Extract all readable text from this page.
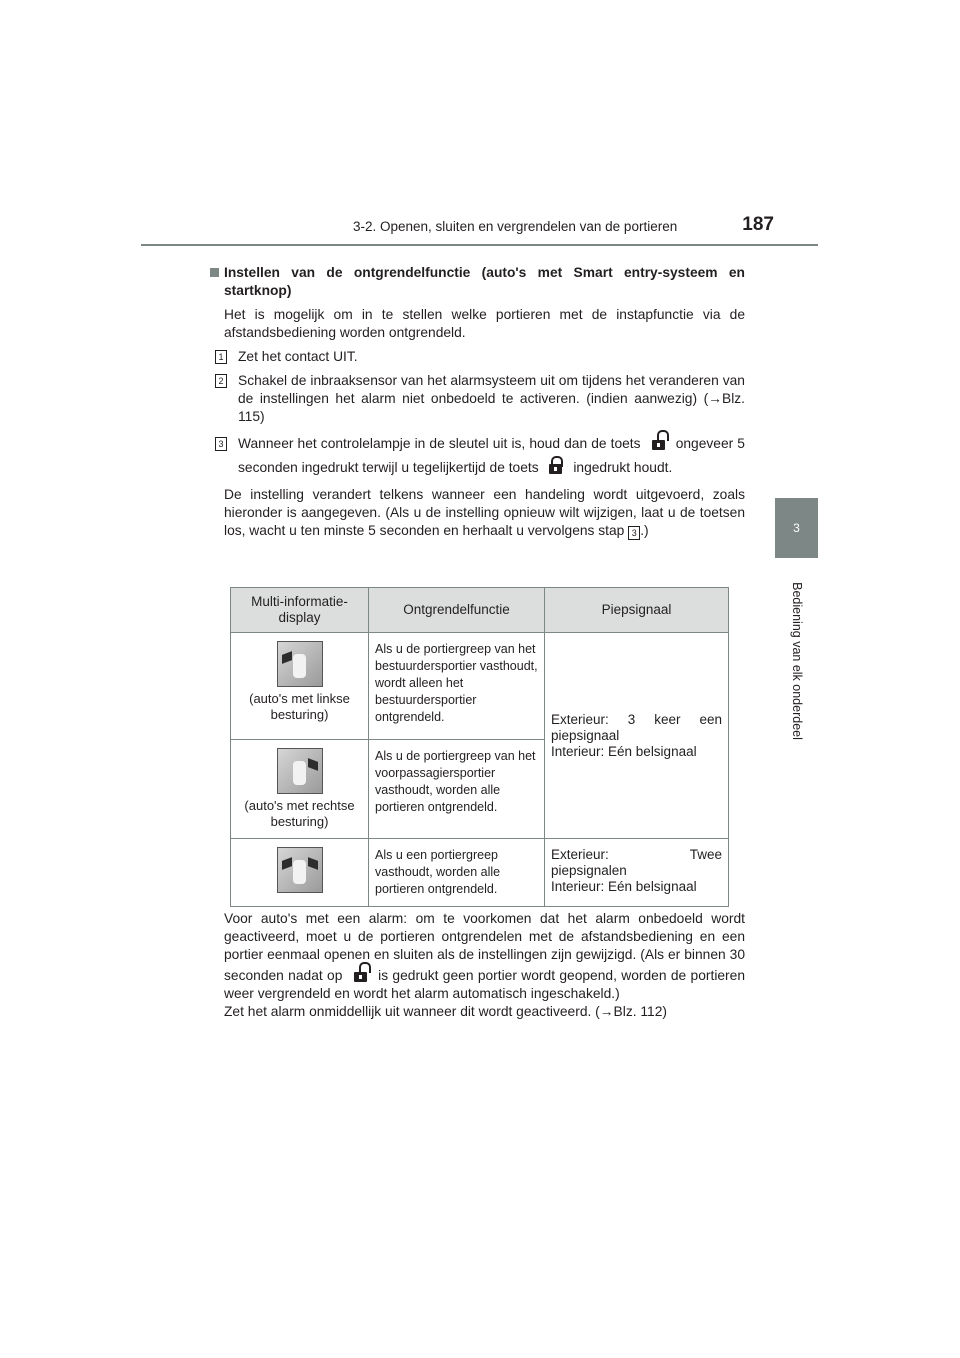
3-2. Openen, sluiten en vergrendelen van de portieren	187
3
Bediening van elk onderdeel
Instellen van de ontgrendelfunctie (auto's met Smart entry-systeem en startknop)

Het is mogelijk om in te stellen welke portieren met de instapfunctie via de afstandsbediening worden ontgrendeld.

1 Zet het contact UIT.
2 Schakel de inbraaksensor van het alarmsysteem uit om tijdens het veranderen van de instellingen het alarm niet onbedoeld te activeren. (indien aanwezig) (→Blz. 115)
3 Wanneer het controlelampje in de sleutel uit is, houd dan de toets	ongeveer 5 seconden ingedrukt terwijl u tegelijkertijd de toets	ingedrukt houdt.

De instelling verandert telkens wanneer een handeling wordt uitgevoerd, zoals hieronder is aangegeven. (Als u de instelling opnieuw wilt wijzigen, laat u de toetsen los, wacht u ten minste 5 seconden en herhaalt u vervolgens stap 3 .)

Multi-informatie-display	Ontgrendelfunctie	Piepsignaal

(auto's met linkse besturing)	Als u de portiergreep van het bestuurdersportier vasthoudt, wordt alleen het bestuurdersportier ontgrendeld.	Exterieur: 3 keer een piepsignaal
Interieur: Eén belsignaal

(auto's met rechtse besturing)	Als u de portiergreep van het voorpassagiersportier vasthoudt, worden alle portieren ontgrendeld.	

	Als u een portiergreep vasthoudt, worden alle portieren ontgrendeld.	Exterieur: Twee piepsignalen
Interieur: Eén belsignaal

Voor auto's met een alarm: om te voorkomen dat het alarm onbedoeld wordt geactiveerd, moet u de portieren ontgrendelen met de afstandsbediening en een portier eenmaal openen en sluiten als de instellingen zijn gewijzigd. (Als er binnen 30 seconden nadat op	is gedrukt geen portier wordt geopend, worden de portieren weer vergrendeld en wordt het alarm automatisch ingeschakeld.)

Zet het alarm onmiddellijk uit wanneer dit wordt geactiveerd. (→Blz. 112)
